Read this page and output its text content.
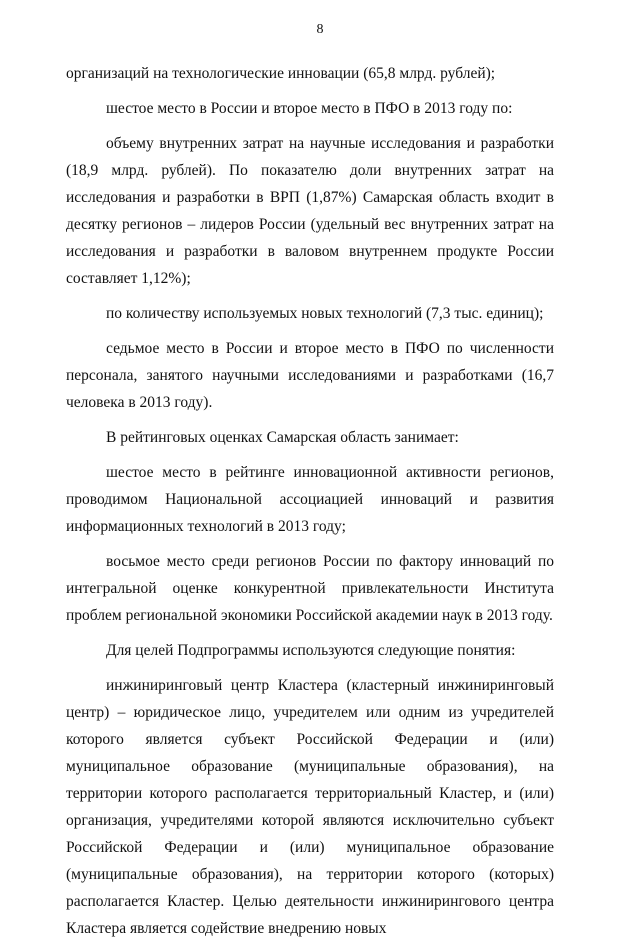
8

организаций на технологические инновации (65,8 млрд. рублей);

шестое место в России и второе место в ПФО в 2013 году по:

объему внутренних затрат на научные исследования и разработки (18,9 млрд. рублей). По показателю доли внутренних затрат на исследования и разработки в ВРП (1,87%) Самарская область входит в десятку регионов – лидеров России (удельный вес внутренних затрат на исследования и разработки в валовом внутреннем продукте России составляет 1,12%);

по количеству используемых новых технологий (7,3 тыс. единиц);

седьмое место в России и второе место в ПФО по численности персонала, занятого научными исследованиями и разработками (16,7 человека в 2013 году).

В рейтинговых оценках Самарская область занимает:

шестое место в рейтинге инновационной активности регионов, проводимом Национальной ассоциацией инноваций и развития информационных технологий в 2013 году;

восьмое место среди регионов России по фактору инноваций по интегральной оценке конкурентной привлекательности Института проблем региональной экономики Российской академии наук в 2013 году.

Для целей Подпрограммы используются следующие понятия:

инжиниринговый центр Кластера (кластерный инжиниринговый центр) – юридическое лицо, учредителем или одним из учредителей которого является субъект Российской Федерации и (или) муниципальное образование (муниципальные образования), на территории которого располагается территориальный Кластер, и (или) организация, учредителями которой являются исключительно субъект Российской Федерации и (или) муниципальное образование (муниципальные образования), на территории которого (которых) располагается Кластер. Целью деятельности инжинирингового центра Кластера является содействие внедрению новых
